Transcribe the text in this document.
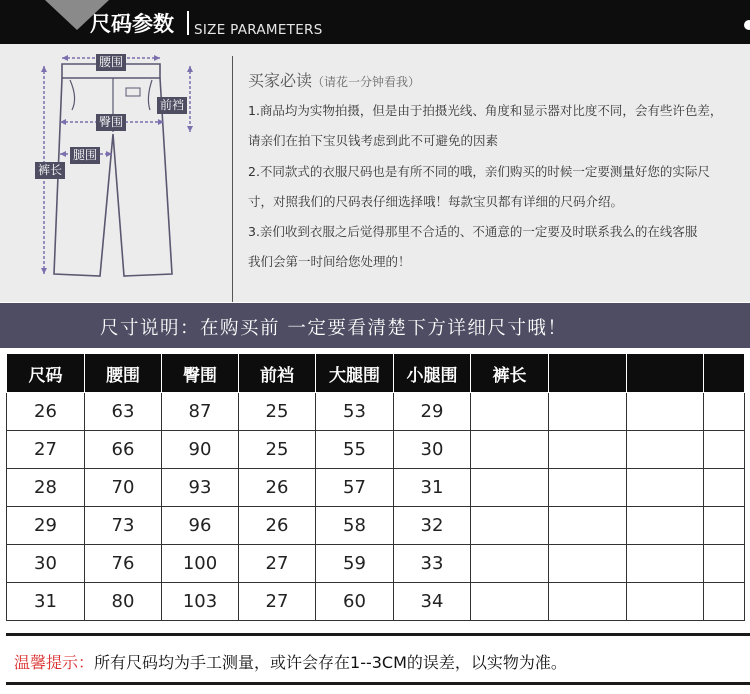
尺码参数 SIZE PARAMETERS
腰围
前裆
臀围
腿围
裤长
买家必读（请花一分钟看我）
1.商品均为实物拍摄，但是由于拍摄光线、角度和显示器对比度不同，会有些许色差，
请亲们在拍下宝贝钱考虑到此不可避免的因素
2.不同款式的衣服尺码也是有所不同的哦，亲们购买的时候一定要测量好您的实际尺
寸，对照我们的尺码表仔细选择哦！每款宝贝都有详细的尺码介绍。
3.亲们收到衣服之后觉得那里不合适的、不通意的一定要及时联系我么的在线客服
我们会第一时间给您处理的！
尺寸说明：在购买前 一定要看清楚下方详细尺寸哦！
尺码	腰围	臀围	前裆	大腿围	小腿围	裤长			
26	63	87	25	53	29				
27	66	90	25	55	30				
28	70	93	26	57	31				
29	73	96	26	58	32				
30	76	100	27	59	33				
31	80	103	27	60	34				
温馨提示：所有尺码均为手工测量，或许会存在1--3CM的误差，以实物为准。
